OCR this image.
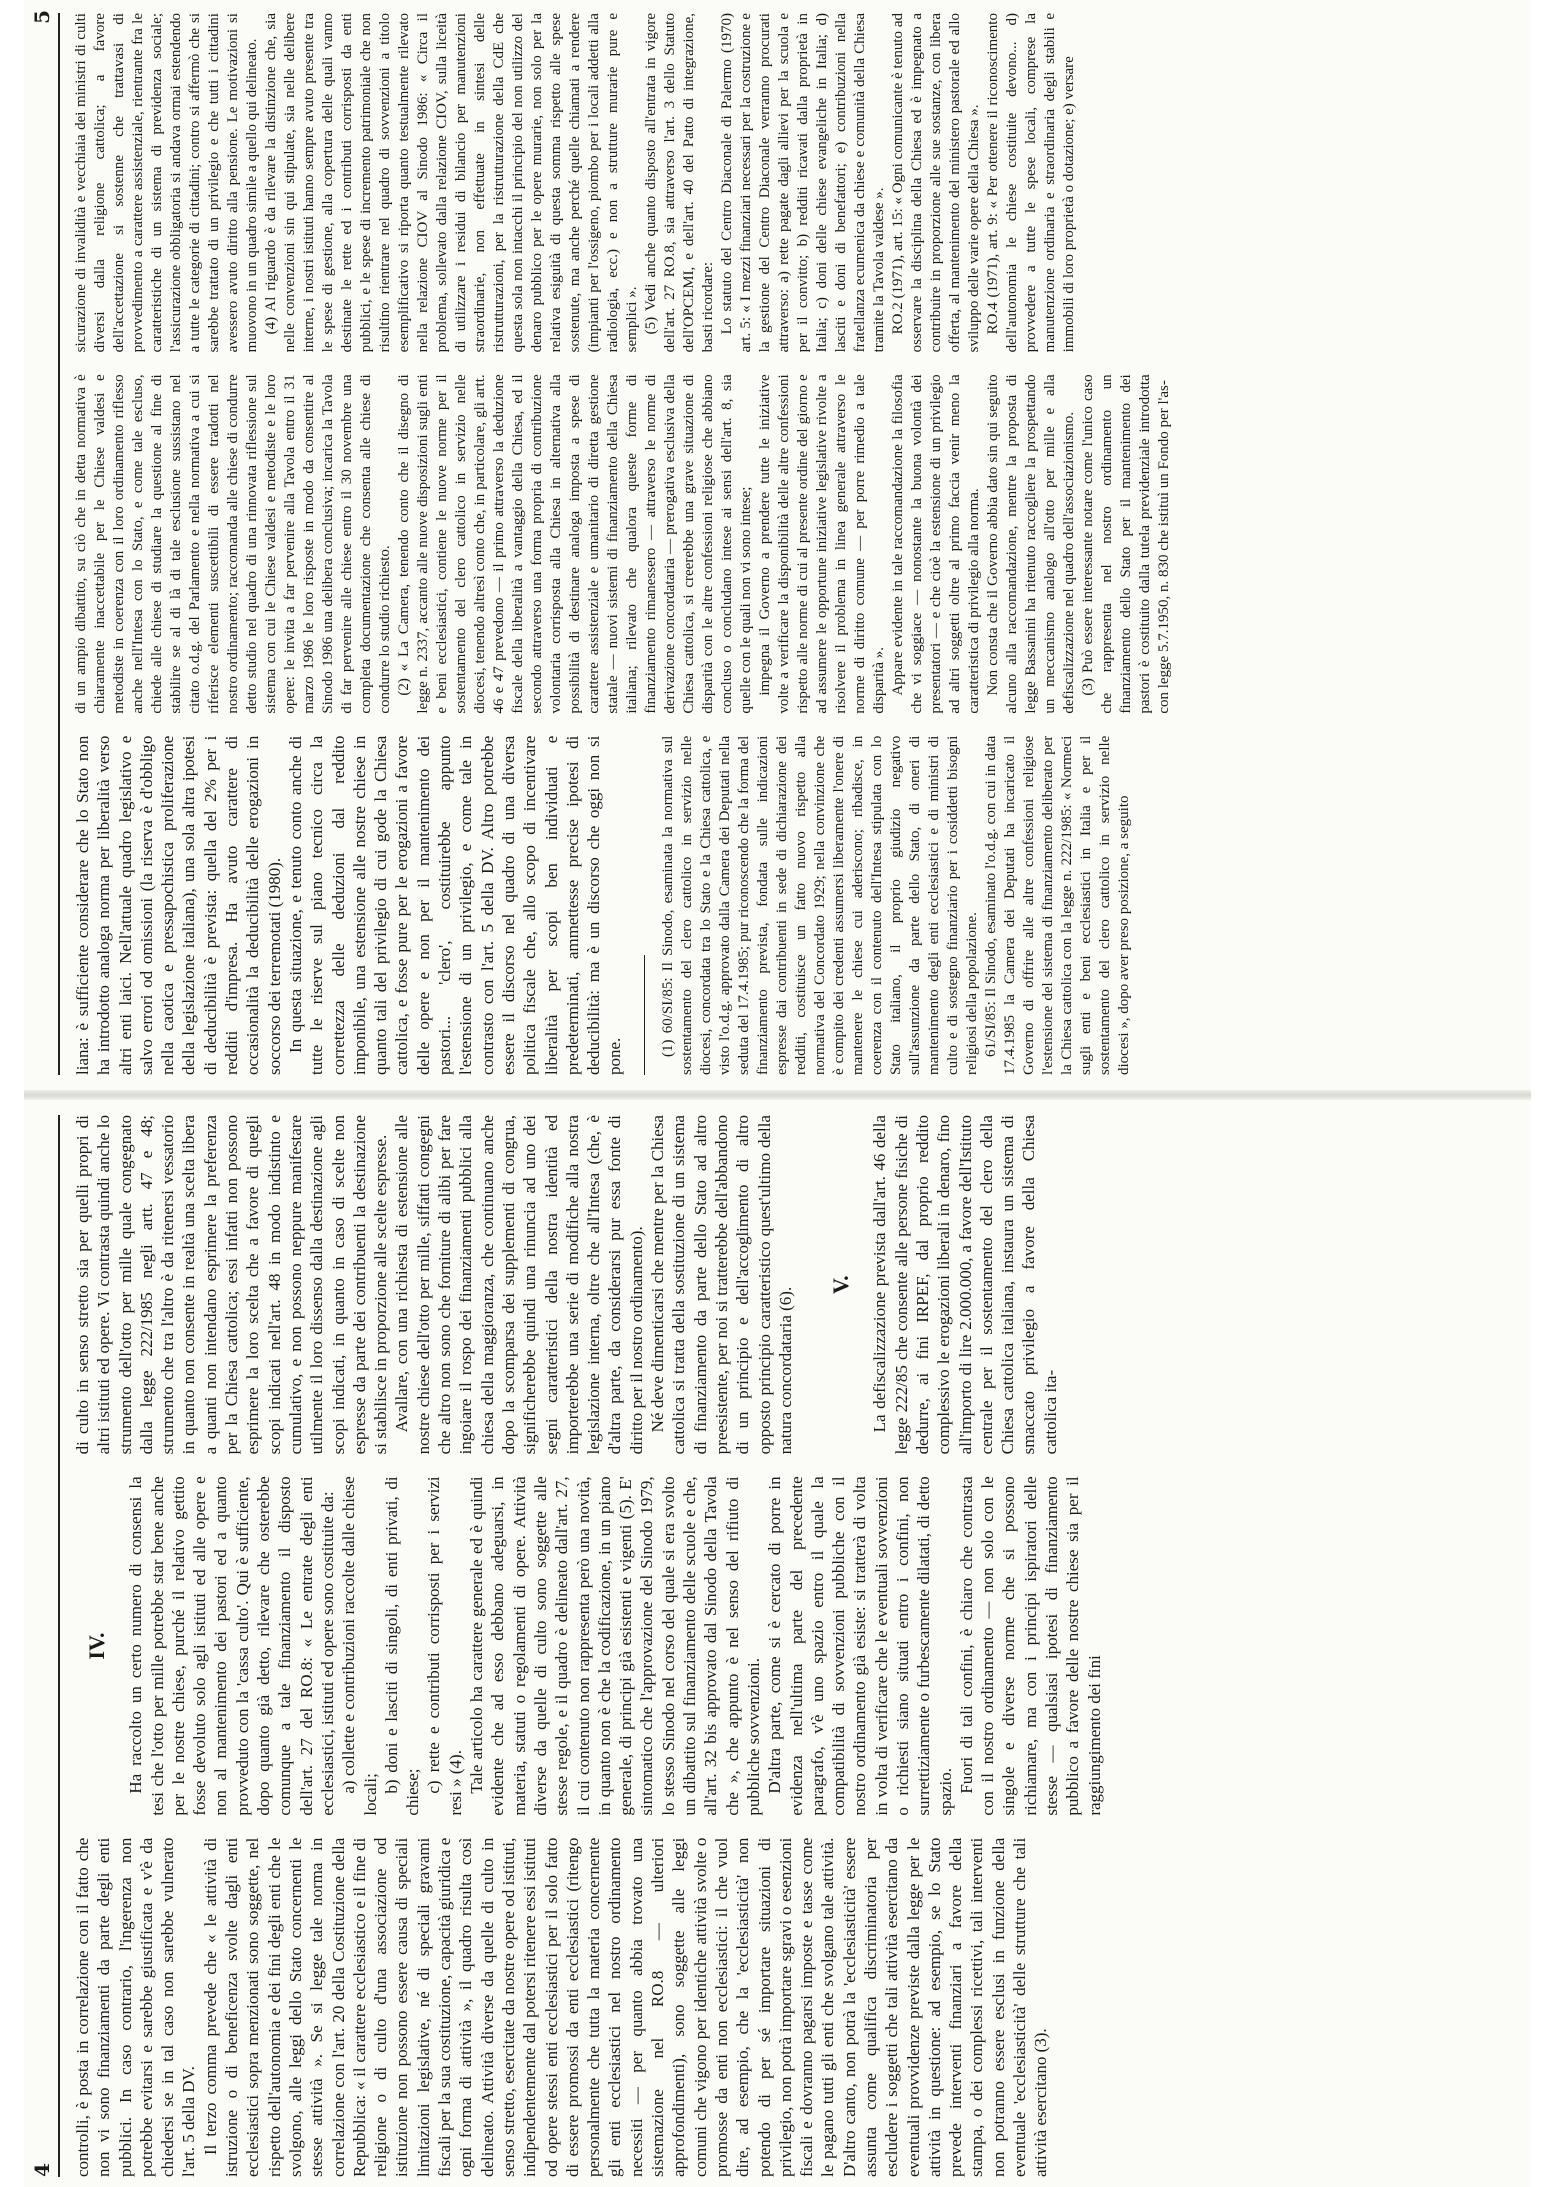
4
5

controlli, è posta in correlazione con il fatto che non vi sono finanziamenti da parte degli enti pubblici. In caso contrario, l'ingerenza non potrebbe evitarsi e sarebbe giustificata e v'è da chiedersi se in tal caso non sarebbe vulnerato l'art. 5 della DV. Il terzo comma prevede che « le attività di istruzione o di beneficenza svolte dagli enti ecclesiastici sopra menzionati sono soggette, nel rispetto dell'autonomia e dei fini degli enti che le svolgono, alle leggi dello Stato concernenti le stesse attività ». Se si legge tale norma in correlazione con l'art. 20 della Costituzione della Repubblica: « il carattere ecclesiastico e il fine di religione o di culto d'una associazione od istituzione non possono essere causa di speciali limitazioni legislative, né di speciali gravami fiscali per la sua costituzione, capacità giuridica e ogni forma di attività », il quadro risulta così delineato. Attività diverse da quelle di culto in senso stretto, esercitate da nostre opere od istituti, indipendentemente dal potersi ritenere essi istituti od opere stessi enti ecclesiastici per il solo fatto di essere promossi da enti ecclesiastici (ritengo personalmente che tutta la materia concernente gli enti ecclesiastici nel nostro ordinamento necessiti — per quanto abbia trovato una sistemazione nel RO.8 — ulteriori approfondimenti), sono soggette alle leggi comuni che vigono per identiche attività svolte o promosse da enti non ecclesiastici: il che vuol dire, ad esempio, che la 'ecclesiasticità' non potendo di per sé importare situazioni di privilegio, non potrà importare sgravi o esenzioni fiscali e dovranno pagarsi imposte e tasse come le pagano tutti gli enti che svolgano tale attività. D'altro canto, non potrà la 'ecclesiasticità' essere assunta come qualifica discriminatoria per escludere i soggetti che tali attività esercitano da eventuali provvidenze previste dalla legge per le attività in questione: ad esempio, se lo Stato prevede interventi finanziari a favore della stampa, o dei complessi ricettivi, tali interventi non potranno essere esclusi in funzione della eventuale 'ecclesiasticità' delle strutture che tali attività esercitano (3).

IV. Ha raccolto un certo numero di consensi la tesi che l'otto per mille potrebbe star bene anche per le nostre chiese, purché il relativo gettito fosse devoluto solo agli istituti ed alle opere e non al mantenimento dei pastori ed a quanto provveduto con la 'cassa culto'. Qui è sufficiente, dopo quanto già detto, rilevare che osterebbe comunque a tale finanziamento il disposto dell'art. 27 del RO.8: « Le entrate degli enti ecclesiastici, istituti ed opere sono costituite da: a) collette e contribuzioni raccolte dalle chiese locali;

b) doni e lasciti di singoli, di enti privati, di chiese; c) rette e contributi corrisposti per i servizi resi » (4). Tale articolo ha carattere generale ed è quindi evidente che ad esso debbano adeguarsi, in materia, statuti o regolamenti di opere. Attività diverse da quelle di culto sono soggette alle stesse regole, e il quadro è delineato dall'art. 27, il cui contenuto non rappresenta però una novità, in quanto non è che la codificazione, in un piano generale, di principi già esistenti e vigenti (5). E' sintomatico che l'approvazione del Sinodo 1979, lo stesso Sinodo nel corso del quale si era svolto un dibattito sul finanziamento delle scuole e che, all'art. 32 bis approvato dal Sinodo della Tavola che », che appunto è nel senso del rifiuto di pubbliche sovvenzioni. D'altra parte, come si è cercato di porre in evidenza nell'ultima parte del precedente paragrafo, v'è uno spazio entro il quale la compatibilità di sovvenzioni pubbliche con il nostro ordinamento già esiste: si tratterà di volta in volta di verificare che le eventuali sovvenzioni o richiesti siano situati entro i confini, non surrettiziamente o furbescamente dilatati, di detto spazio. Fuori di tali confini, è chiaro che contrasta con il nostro ordinamento — non solo con le singole e diverse norme che si possono richiamare, ma con i principi ispiratori delle stesse — qualsiasi ipotesi di finanziamento pubblico a favore delle nostre chiese sia per il raggiungimento dei fini

di culto in senso stretto sia per quelli propri di altri istituti ed opere. Vi contrasta quindi anche lo strumento dell'otto per mille quale congegnato dalla legge 222/1985 negli artt. 47 e 48; strumento che tra l'altro è da ritenersi vessatorio in quanto non consente in realtà una scelta libera a quanti non intendano esprimere la preferenza per la Chiesa cattolica; essi infatti non possono esprimere la loro scelta che a favore di quegli scopi indicati nell'art. 48 in modo indistinto e cumulativo, e non possono neppure manifestare utilmente il loro dissenso dalla destinazione agli scopi indicati, in quanto in caso di scelte non espresse da parte dei contribuenti la destinazione si stabilisce in proporzione alle scelte espresse. Avallare, con una richiesta di estensione alle nostre chiese dell'otto per mille, siffatti congegni che altro non sono che forniture di alibi per fare ingoiare il rospo dei finanziamenti pubblici alla chiesa della maggioranza, che continuano anche dopo la scomparsa dei supplementi di congrua, significherebbe quindi una rinuncia ad uno dei segni caratteristici della nostra identità ed importerebbe una serie di modifiche alla nostra legislazione interna, oltre che all'Intesa (che, è d'altra parte, da considerarsi pur essa fonte di diritto per il nostro ordinamento). Né deve dimenticarsi che mentre per la Chiesa cattolica si tratta della sostituzione di un sistema di finanziamento da parte dello Stato ad altro preesistente, per noi si tratterebbe dell'abbandono di un principio e dell'accoglimento di altro opposto principio caratteristico quest'ultimo della natura concordataria (6).

V. La defiscalizzazione prevista dall'art. 46 della legge 222/85 che consente alle persone fisiche di dedurre, ai fini IRPEF, dal proprio reddito complessivo le erogazioni liberali in denaro, fino all'importo di lire 2.000.000, a favore dell'Istituto centrale per il sostentamento del clero della Chiesa cattolica italiana, instaura un sistema di smaccato privilegio a favore della Chiesa cattolica ita-

liana: è sufficiente considerare che lo Stato non ha introdotto analoga norma per liberalità verso altri enti laici. Nell'attuale quadro legislativo e salvo errori od omissioni (la riserva è d'obbligo nella caotica e pressapochistica proliferazione della legislazione italiana), una sola altra ipotesi di deducibilità è prevista: quella del 2% per i redditi d'impresa. Ha avuto carattere di occasionalità la deducibilità delle erogazioni in soccorso dei terremotati (1980). In questa situazione, e tenuto conto anche di tutte le riserve sul piano tecnico circa la correttezza delle deduzioni dal reddito imponibile, una estensione alle nostre chiese in quanto tali del privilegio di cui gode la Chiesa cattolica, e fosse pure per le erogazioni a favore delle opere e non per il mantenimento dei pastori... 'clero', costituirebbe appunto l'estensione di un privilegio, e come tale in contrasto con l'art. 5 della DV. Altro potrebbe essere il discorso nel quadro di una diversa politica fiscale che, allo scopo di incentivare liberalità per scopi ben individuati e predeterminati, ammettesse precise ipotesi di deducibilità: ma è un discorso che oggi non si pone. (1) 60/SI/85: Il Sinodo, esaminata la normativa sul sostentamento del clero cattolico in servizio nelle diocesi, concordata tra lo Stato e la Chiesa cattolica, e visto l'o.d.g. approvato dalla Camera dei Deputati nella seduta del 17.4.1985; pur riconoscendo che la forma del finanziamento prevista, fondata sulle indicazioni espresse dai contribuenti in sede di dichiarazione dei redditi, costituisce un fatto nuovo rispetto alla normativa del Concordato 1929; nella convinzione che è compito dei credenti assumersi liberamente l'onere di mantenere le chiese cui aderiscono; ribadisce, in coerenza con il contenuto dell'Intesa stipulata con lo Stato italiano, il proprio giudizio negativo sull'assunzione da parte dello Stato, di oneri di mantenimento degli enti ecclesiastici e di ministri di culto e di sostegno finanziario per i cosiddetti bisogni religiosi della popolazione. 61/SI/85: Il Sinodo, esaminato l'o.d.g. con cui in data 17.4.1985 la Camera dei Deputati ha incaricato il Governo di offrire alle altre confessioni religiose l'estensione del sistema di finanziamento deliberato per la Chiesa cattolica con la legge n. 222/1985: « Normeci sugli enti e beni ecclesiastici in Italia e per il sostentamento del clero cattolico in servizio nelle diocesi », dopo aver preso posizione, a seguito

di un ampio dibattito, su ciò che in detta normativa è chiaramente inaccettabile per le Chiese valdesi e metodiste in coerenza con il loro ordinamento riflesso anche nell'Intesa con lo Stato, e come tale escluso, chiede alle chiese di studiare la questione al fine di stabilire se al di là di tale esclusione sussistano nel citato o.d.g. del Parlamento e nella normativa a cui si riferisce elementi suscettibili di essere tradotti nel nostro ordinamento; raccomanda alle chiese di condurre detto studio nel quadro di una rinnovata riflessione sul sistema con cui le Chiese valdesi e metodiste e le loro opere: le invita a far pervenire alla Tavola entro il 31 marzo 1986 le loro risposte in modo da consentire al Sinodo 1986 una delibera conclusiva; incarica la Tavola di far pervenire alle chiese entro il 30 novembre una completa documentazione che consenta alle chiese di condurre lo studio richiesto. (2) « La Camera, tenendo conto che il disegno di legge n. 2337, accanto alle nuove disposizioni sugli enti e beni ecclesiastici, contiene le nuove norme per il sostentamento del clero cattolico in servizio nelle diocesi, tenendo altresì conto che, in particolare, gli artt. 46 e 47 prevedono — il primo attraverso la deduzione fiscale della liberalità a vantaggio della Chiesa, ed il secondo attraverso una forma propria di contribuzione volontaria corrisposta alla Chiesa in alternativa alla possibilità di destinare analoga imposta a spese di carattere assistenziale e umanitario di diretta gestione statale — nuovi sistemi di finanziamento della Chiesa italiana; rilevato che qualora queste forme di finanziamento rimanessero — attraverso le norme di derivazione concordataria — prerogativa esclusiva della Chiesa cattolica, si creerebbe una grave situazione di disparità con le altre confessioni religiose che abbiano concluso o concludano intese ai sensi dell'art. 8, sia quelle con le quali non vi sono intese; impegna il Governo a prendere tutte le iniziative volte a verificare la disponibilità delle altre confessioni rispetto alle norme di cui al presente ordine del giorno e ad assumere le opportune iniziative legislative rivolte a risolvere il problema in linea generale attraverso le norme di diritto comune — per porre rimedio a tale disparità ». Appare evidente in tale raccomandazione la filosofia che vi soggiace — nonostante la buona volontà dei presentatori — e che cioè la estensione di un privilegio ad altri soggetti oltre al primo faccia venir meno la caratteristica di privilegio alla norma. Non consta che il Governo abbia dato sin qui seguito alcuno alla raccomandazione, mentre la proposta di legge Bassanini ha ritenuto raccogliere la prospettando un meccanismo analogo all'otto per mille e alla defiscalizzazione nel quadro dell'associazionismo. (3) Può essere interessante notare come l'unico caso che rappresenta nel nostro ordinamento un finanziamento dello Stato per il mantenimento dei pastori è costituito dalla tutela previdenziale introdotta con legge 5.7.1950, n. 830 che istituì un Fondo per l'as-

sicurazione di invalidità e vecchiaia dei ministri di culti diversi dalla religione cattolica; a favore dell'accettazione si sostenne che trattavasi di provvedimento a carattere assistenziale, rientrante fra le caratteristiche di un sistema di previdenza sociale; l'assicurazione obbligatoria si andava ormai estendendo a tutte le categorie di cittadini; contro si affermò che si sarebbe trattato di un privilegio e che tutti i cittadini avessero avuto diritto alla pensione. Le motivazioni si muovono in un quadro simile a quello qui delineato. (4) Al riguardo è da rilevare la distinzione che, sia nelle convenzioni sin qui stipulate, sia nelle delibere interne, i nostri istituti hanno sempre avuto presente tra le spese di gestione, alla copertura delle quali vanno destinate le rette ed i contributi corrisposti da enti pubblici, e le spese di incremento patrimoniale che non risultino rientrare nel quadro di sovvenzioni a titolo esemplificativo si riporta quanto testualmente rilevato nella relazione CIOV al Sinodo 1986: « Circa il problema, sollevato dalla relazione CIOV, sulla liceità di utilizzare i residui di bilancio per manutenzioni straordinarie, non effettuate in sintesi delle ristrutturazioni, per la ristrutturazione della CdE che questa sola non intacchi il principio del non utilizzo del denaro pubblico per le opere murarie, non solo per la relativa esiguità di questa somma rispetto alle spese sostenute, ma anche perché quelle chiamati a rendere (impianti per l'ossigeno, piombo per i locali addetti alla radiologia, ecc.) e non a strutture murarie pure e semplici ». (5) Vedi anche quanto disposto all'entrata in vigore dell'art. 27 RO.8, sia attraverso l'art. 3 dello Statuto dell'OPCEMI, e dell'art. 40 del Patto di integrazione, basti ricordare: Lo statuto del Centro Diaconale di Palermo (1970) art. 5: « I mezzi finanziari necessari per la costruzione e la gestione del Centro Diaconale verranno procurati attraverso: a) rette pagate dagli allievi per la scuola e per il convitto; b) redditi ricavati dalla proprietà in Italia; c) doni delle chiese evangeliche in Italia; d) lasciti e doni di benefattori; e) contribuzioni nella fratellanza ecumenica da chiese e comunità della Chiesa tramite la Tavola valdese ». RO.2 (1971), art. 15: « Ogni comunicante è tenuto ad osservare la disciplina della Chiesa ed è impegnato a contribuire in proporzione alle sue sostanze, con libera offerta, al mantenimento del ministero pastorale ed allo sviluppo delle varie opere della Chiesa ». RO.4 (1971), art. 9: « Per ottenere il riconoscimento dell'autonomia le chiese costituite devono... d) provvedere a tutte le spese locali, comprese la manutenzione ordinaria e straordinaria degli stabili e immobili di loro proprietà o dotazione; e) versare
